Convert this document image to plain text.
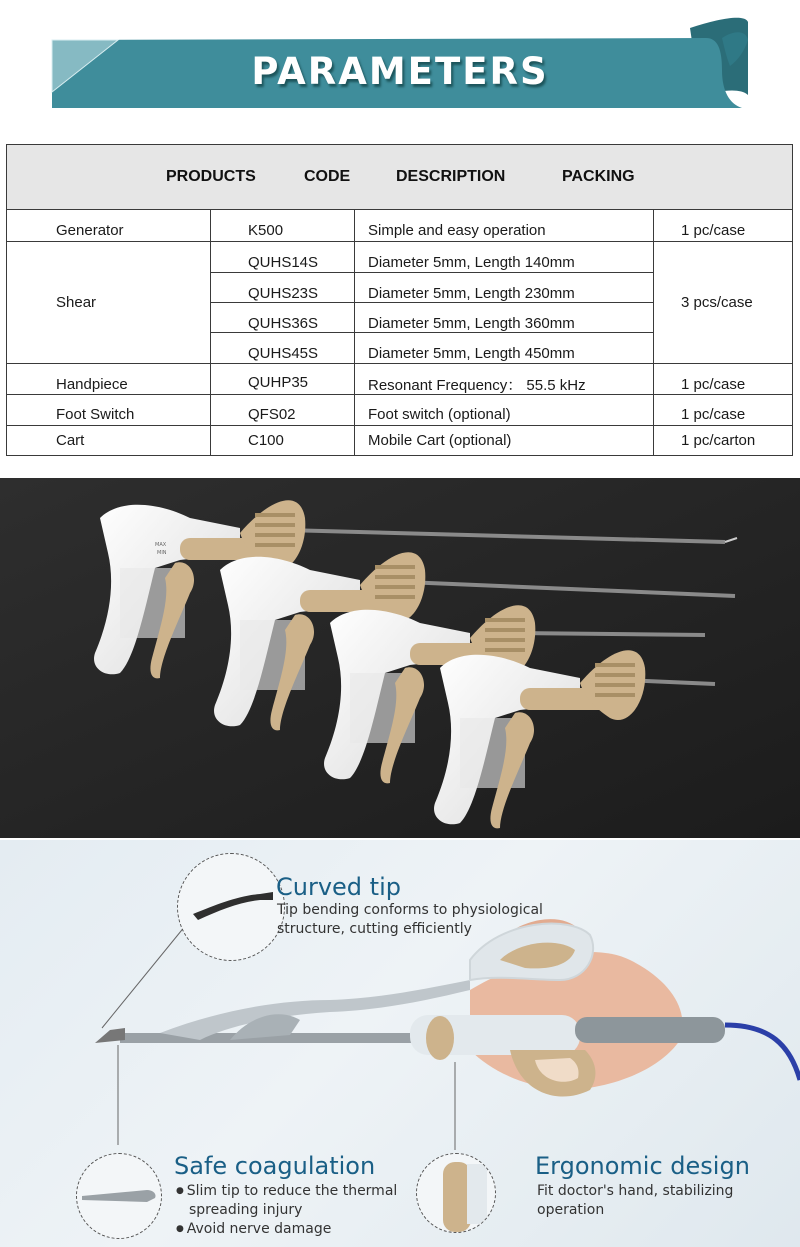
PARAMETERS
PRODUCTS	CODE	DESCRIPTION	PACKING
Generator	K500	Simple and easy operation	1 pc/case
Shear	3 pcs/case
QUHS14S	Diameter 5mm, Length 140mm
QUHS23S	Diameter 5mm, Length 230mm
QUHS36S	Diameter 5mm, Length 360mm
QUHS45S	Diameter 5mm, Length 450mm
Handpiece	QUHP35	Resonant Frequency： 55.5 kHz	1 pc/case
Foot Switch	QFS02	Foot switch (optional)	1 pc/case
Cart	C100	Mobile Cart (optional)	1 pc/carton
MAX
MIN
Curved tip
Tip bending conforms to physiological
structure, cutting efficiently
Safe coagulation
● Slim tip to reduce the thermal
spreading injury
● Avoid nerve damage
Ergonomic design
Fit doctor's hand, stabilizing
operation
